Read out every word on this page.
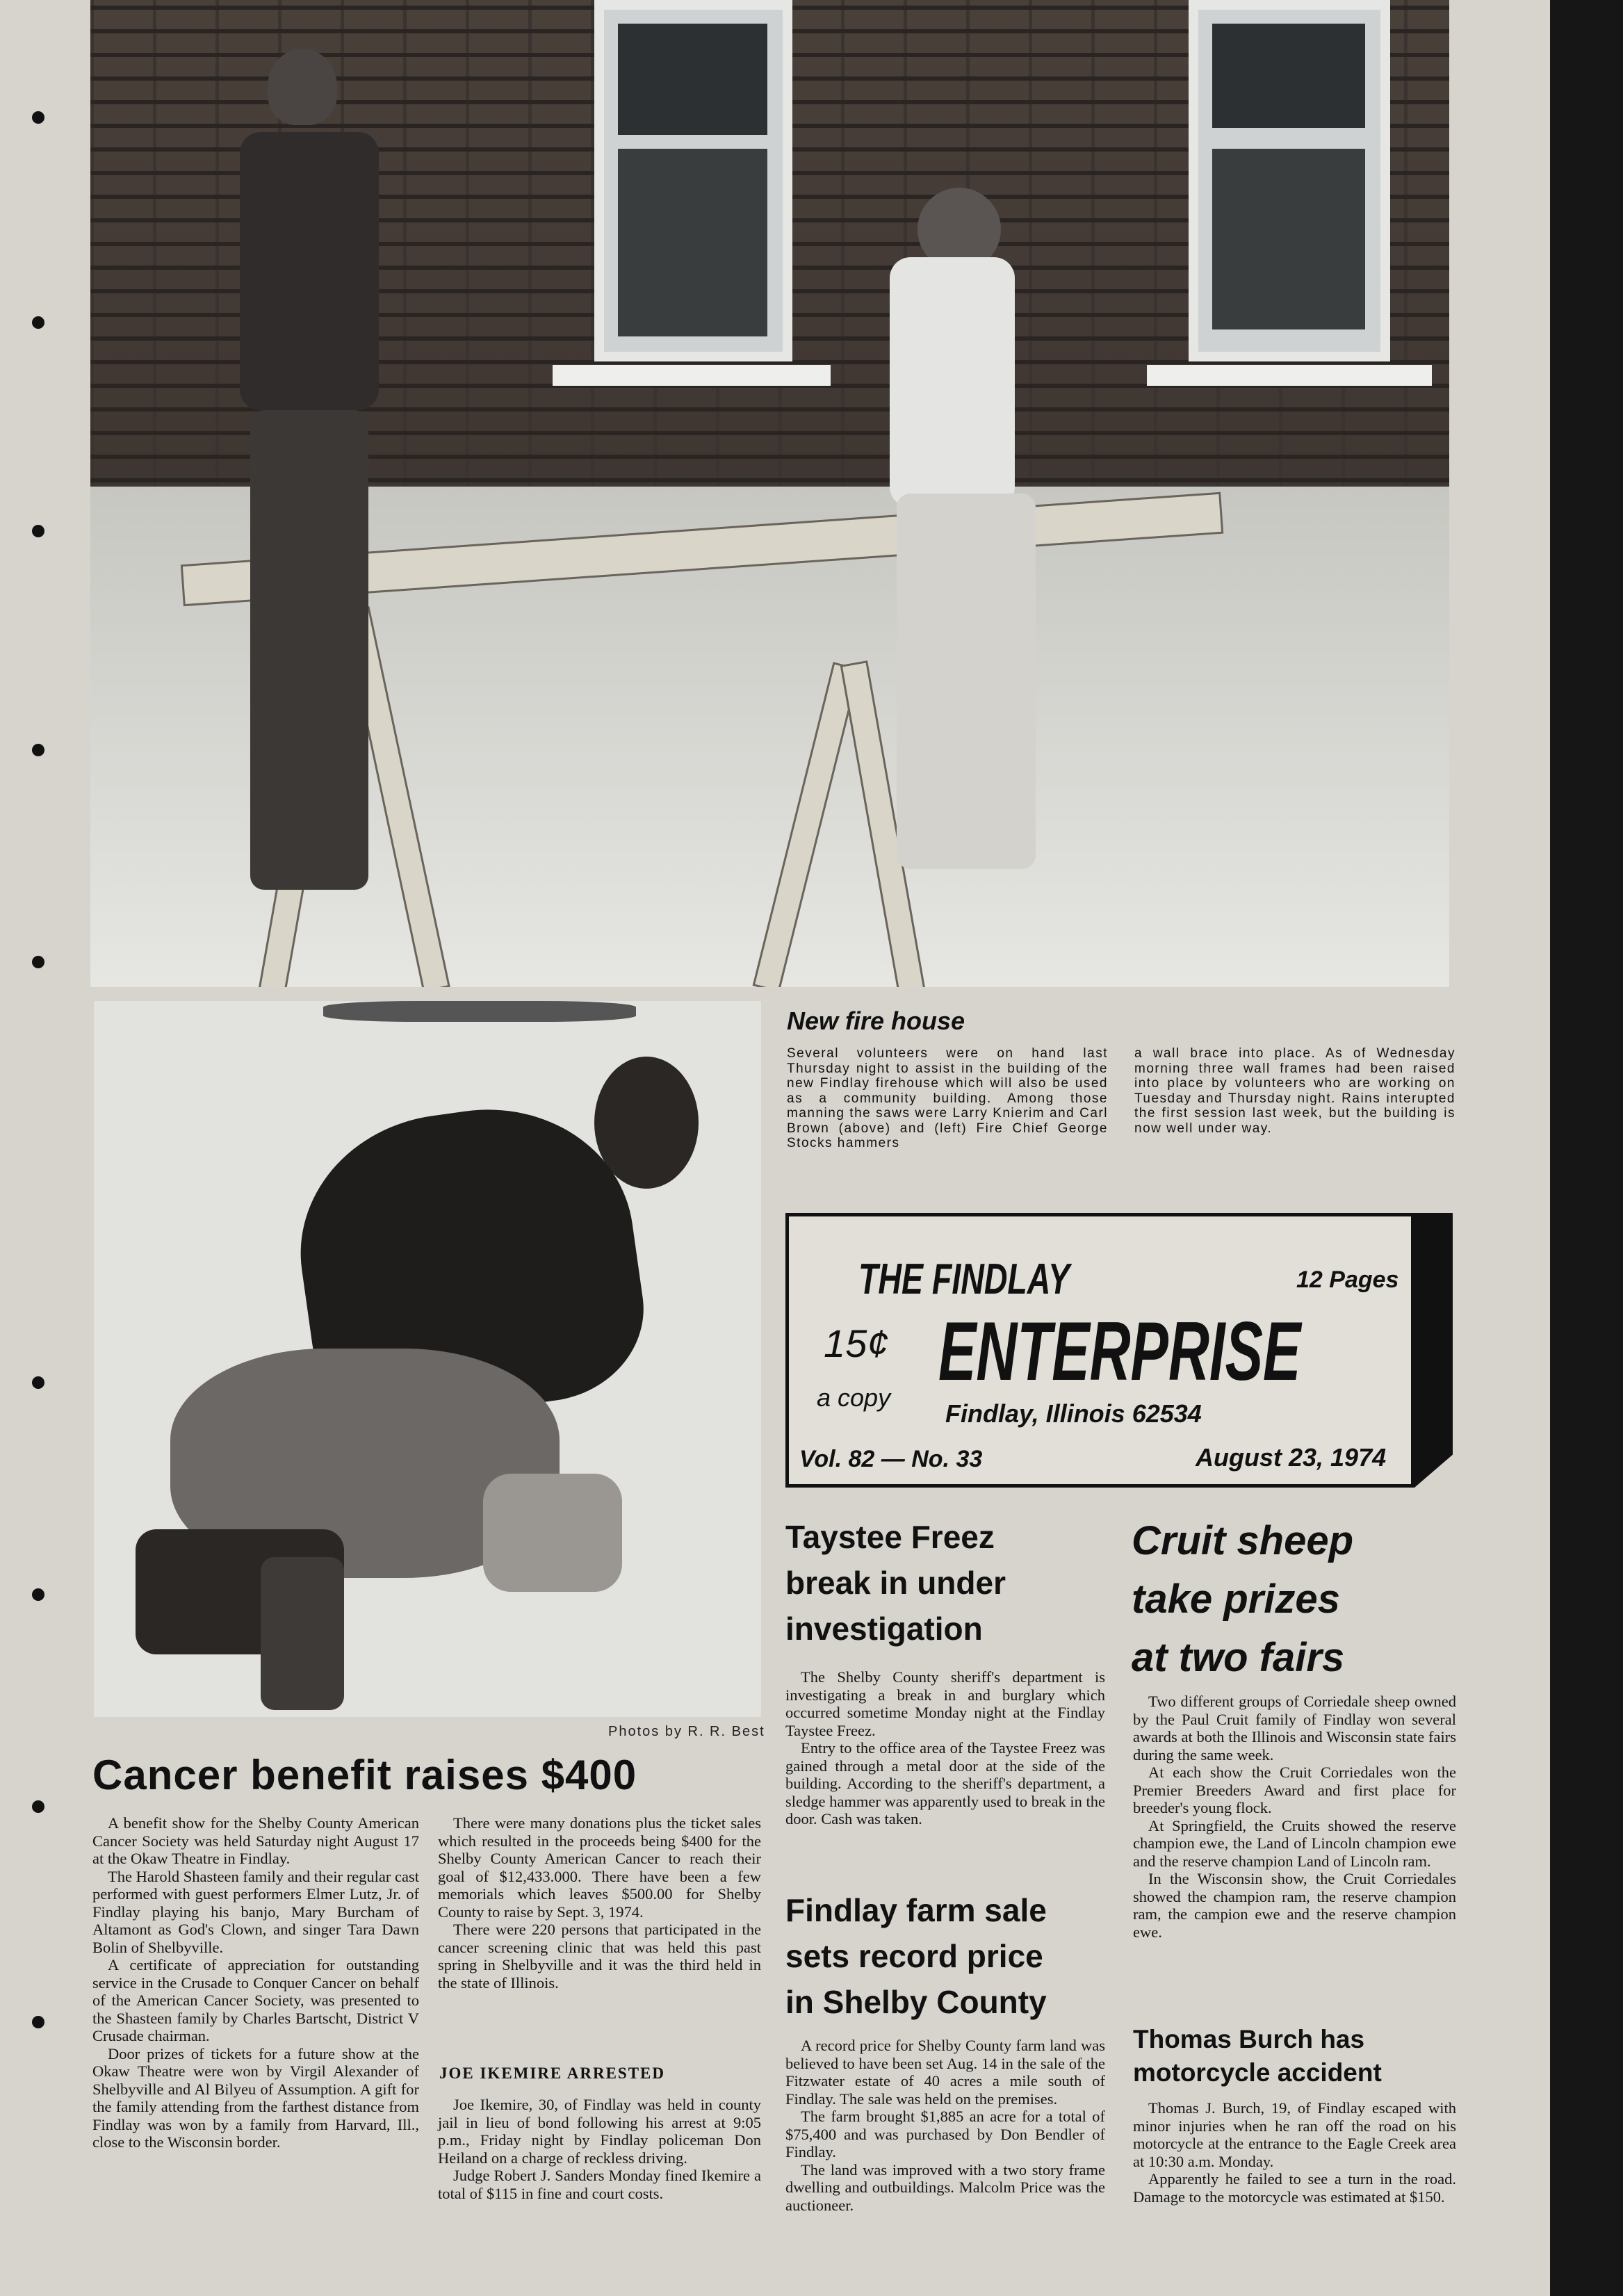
Photos by R. R. Best
New fire house
Several volunteers were on hand last Thursday night to assist in the building of the new Findlay firehouse which will also be used as a community building. Among those manning the saws were Larry Knierim and Carl Brown (above) and (left) Fire Chief George Stocks hammers
a wall brace into place. As of Wednesday morning three wall frames had been raised into place by volunteers who are working on Tuesday and Thursday night. Rains interupted the first session last week, but the building is now well under way.
THE FINDLAY	12 Pages
15¢ ENTERPRISE
a copy
Findlay, Illinois 62534
Vol. 82 — No. 33	August 23, 1974
Cancer benefit raises $400

A benefit show for the Shelby County American Cancer Society was held Saturday night August 17 at the Okaw Theatre in Findlay.

The Harold Shasteen family and their regular cast performed with guest performers Elmer Lutz, Jr. of Findlay playing his banjo, Mary Burcham of Altamont as God's Clown, and singer Tara Dawn Bolin of Shelbyville.

A certificate of appreciation for outstanding service in the Crusade to Conquer Cancer on behalf of the American Cancer Society, was presented to the Shasteen family by Charles Bartscht, District V Crusade chairman.

Door prizes of tickets for a future show at the Okaw Theatre were won by Virgil Alexander of Shelbyville and Al Bilyeu of Assumption. A gift for the family attending from the farthest distance from Findlay was won by a family from Harvard, Ill., close to the Wisconsin border.

There were many donations plus the ticket sales which resulted in the proceeds being $400 for the Shelby County American Cancer to reach their goal of $12,433.000. There have been a few memorials which leaves $500.00 for Shelby County to raise by Sept. 3, 1974.

There were 220 persons that participated in the cancer screening clinic that was held this past spring in Shelbyville and it was the third held in the state of Illinois.

JOE IKEMIRE ARRESTED

Joe Ikemire, 30, of Findlay was held in county jail in lieu of bond following his arrest at 9:05 p.m., Friday night by Findlay policeman Don Heiland on a charge of reckless driving.

Judge Robert J. Sanders Monday fined Ikemire a total of $115 in fine and court costs.

Taystee Freez
break in under
investigation

The Shelby County sheriff's department is investigating a break in and burglary which occurred sometime Monday night at the Findlay Taystee Freez.

Entry to the office area of the Taystee Freez was gained through a metal door at the side of the building. According to the sheriff's department, a sledge hammer was apparently used to break in the door. Cash was taken.

Findlay farm sale
sets record price
in Shelby County

A record price for Shelby County farm land was believed to have been set Aug. 14 in the sale of the Fitzwater estate of 40 acres a mile south of Findlay. The sale was held on the premises.

The farm brought $1,885 an acre for a total of $75,400 and was purchased by Don Bendler of Findlay.

The land was improved with a two story frame dwelling and outbuildings. Malcolm Price was the auctioneer.

Cruit sheep
take prizes
at two fairs

Two different groups of Corriedale sheep owned by the Paul Cruit family of Findlay won several awards at both the Illinois and Wisconsin state fairs during the same week.

At each show the Cruit Corriedales won the Premier Breeders Award and first place for breeder's young flock.

At Springfield, the Cruits showed the reserve champion ewe, the Land of Lincoln champion ewe and the reserve champion Land of Lincoln ram.

In the Wisconsin show, the Cruit Corriedales showed the champion ram, the reserve champion ram, the campion ewe and the reserve champion ewe.

Thomas Burch has
motorcycle accident

Thomas J. Burch, 19, of Findlay escaped with minor injuries when he ran off the road on his motorcycle at the entrance to the Eagle Creek area at 10:30 a.m. Monday.

Apparently he failed to see a turn in the road. Damage to the motorcycle was estimated at $150.
